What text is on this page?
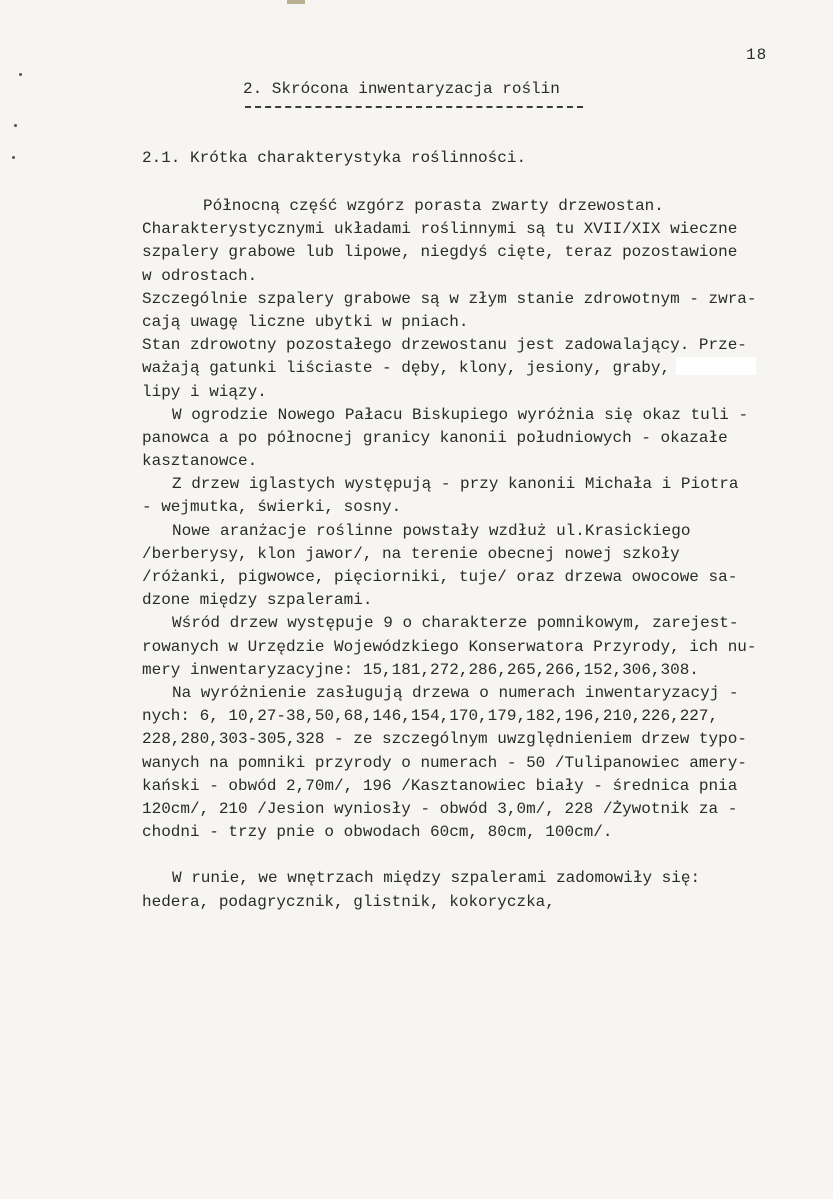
18
2. Skrócona inwentaryzacja roślin
2.1. Krótka charakterystyka roślinności.
Północną część wzgórz porasta zwarty drzewostan.
Charakterystycznymi układami roślinnymi są tu XVII/XIX wieczne
szpalery grabowe lub lipowe, niegdyś cięte, teraz pozostawione
w odrostach.
Szczególnie szpalery grabowe są w złym stanie zdrowotnym - zwra-
cają uwagę liczne ubytki w pniach.
Stan zdrowotny pozostałego drzewostanu jest zadowalający. Prze-
ważają gatunki liściaste - dęby, klony, jesiony, graby,
lipy i wiązy.
W ogrodzie Nowego Pałacu Biskupiego wyróżnia się okaz tuli -
panowca a po północnej granicy kanonii południowych - okazałe
kasztanowce.
Z drzew iglastych występują - przy kanonii Michała i Piotra
- wejmutka, świerki, sosny.
Nowe aranżacje roślinne powstały wzdłuż ul.Krasickiego
/berberysy, klon jawor/, na terenie obecnej nowej szkoły
/różanki, pigwowce, pięciorniki, tuje/ oraz drzewa owocowe sa-
dzone między szpalerami.
Wśród drzew występuje 9 o charakterze pomnikowym, zarejest-
rowanych w Urzędzie Wojewódzkiego Konserwatora Przyrody, ich nu-
mery inwentaryzacyjne: 15,181,272,286,265,266,152,306,308.
Na wyróżnienie zasługują drzewa o numerach inwentaryzacyj -
nych: 6, 10,27-38,50,68,146,154,170,179,182,196,210,226,227,
228,280,303-305,328 - ze szczególnym uwzględnieniem drzew typo-
wanych na pomniki przyrody o numerach - 50 /Tulipanowiec amery-
kański - obwód 2,70m/, 196 /Kasztanowiec biały - średnica pnia
120cm/, 210 /Jesion wyniosły - obwód 3,0m/, 228 /Żywotnik za -
chodni - trzy pnie o obwodach 60cm, 80cm, 100cm/.
W runie, we wnętrzach między szpalerami zadomowiły się:
hedera, podagrycznik, glistnik, kokoryczka,
